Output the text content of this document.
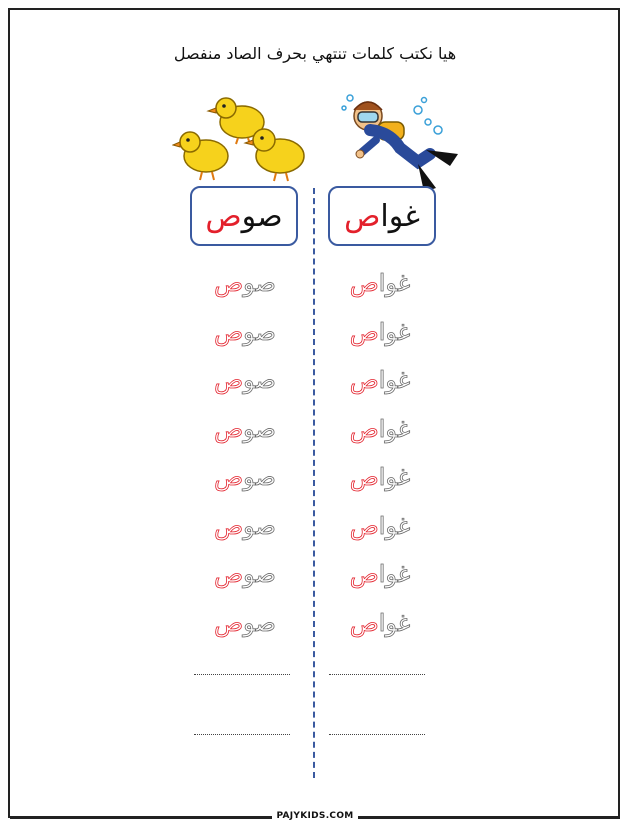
هيا نكتب كلمات تنتهي بحرف الصاد منفصل
صو
ص	غوا
ص
صو
ص
صو
ص
صو
ص
صو
ص
صو
ص
صو
ص
صو
ص
صو
ص
غوا
ص
غوا
ص
غوا
ص
غوا
ص
غوا
ص
غوا
ص
غوا
ص
غوا
ص
PAJYKIDS.COM
